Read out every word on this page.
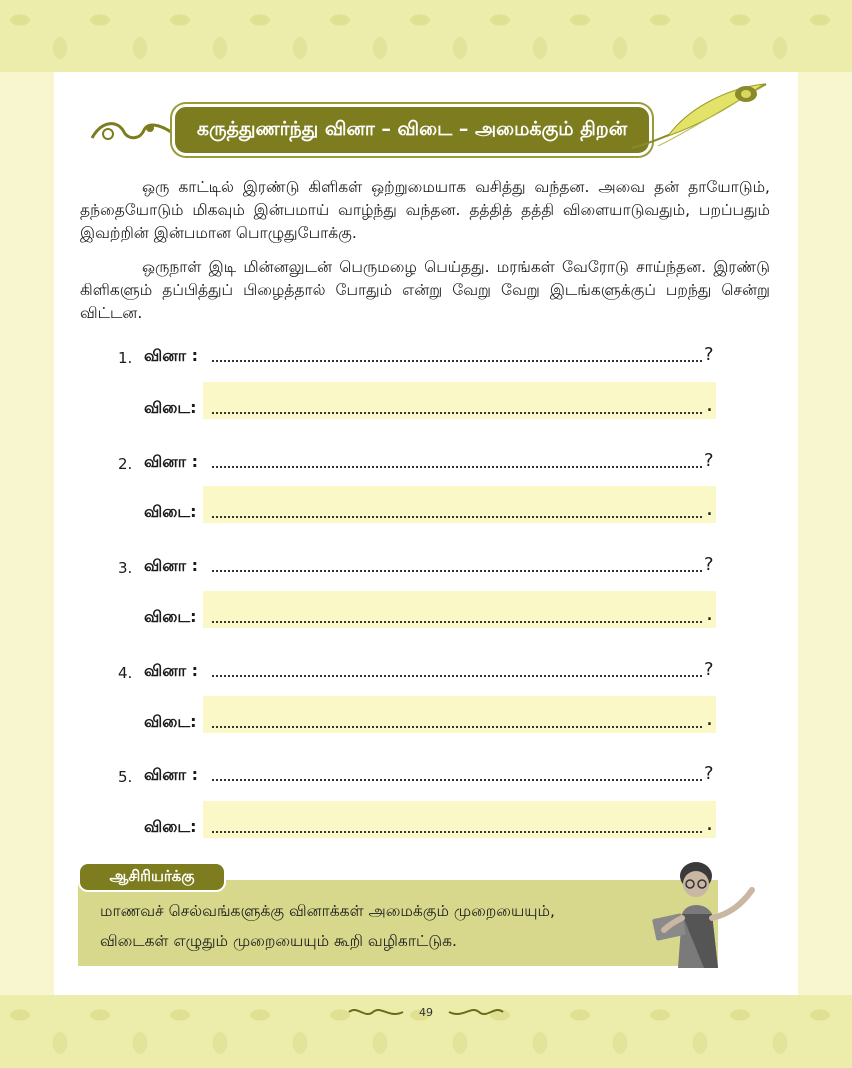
கருத்துணர்ந்து வினா – விடை – அமைக்கும் திறன்
ஒரு காட்டில் இரண்டு கிளிகள் ஒற்றுமையாக வசித்து வந்தன. அவை தன் தாயோடும், தந்தையோடும் மிகவும் இன்பமாய் வாழ்ந்து வந்தன. தத்தித் தத்தி விளையாடுவதும், பறப்பதும் இவற்றின் இன்பமான பொழுதுபோக்கு.
ஒருநாள் இடி மின்னலுடன் பெருமழை பெய்தது. மரங்கள் வேரோடு சாய்ந்தன. இரண்டு கிளிகளும் தப்பித்துப் பிழைத்தால் போதும் என்று வேறு வேறு இடங்களுக்குப் பறந்து சென்று விட்டன.
1. வினா :	?
விடை:	.
2. வினா :	?
விடை:	.
3. வினா :	?
விடை:	.
4. வினா :	?
விடை:	.
5. வினா :	?
விடை:	.
ஆசிரியர்க்கு
மாணவச் செல்வங்களுக்கு வினாக்கள் அமைக்கும் முறையையும்,
விடைகள் எழுதும் முறையையும் கூறி வழிகாட்டுக.
49
